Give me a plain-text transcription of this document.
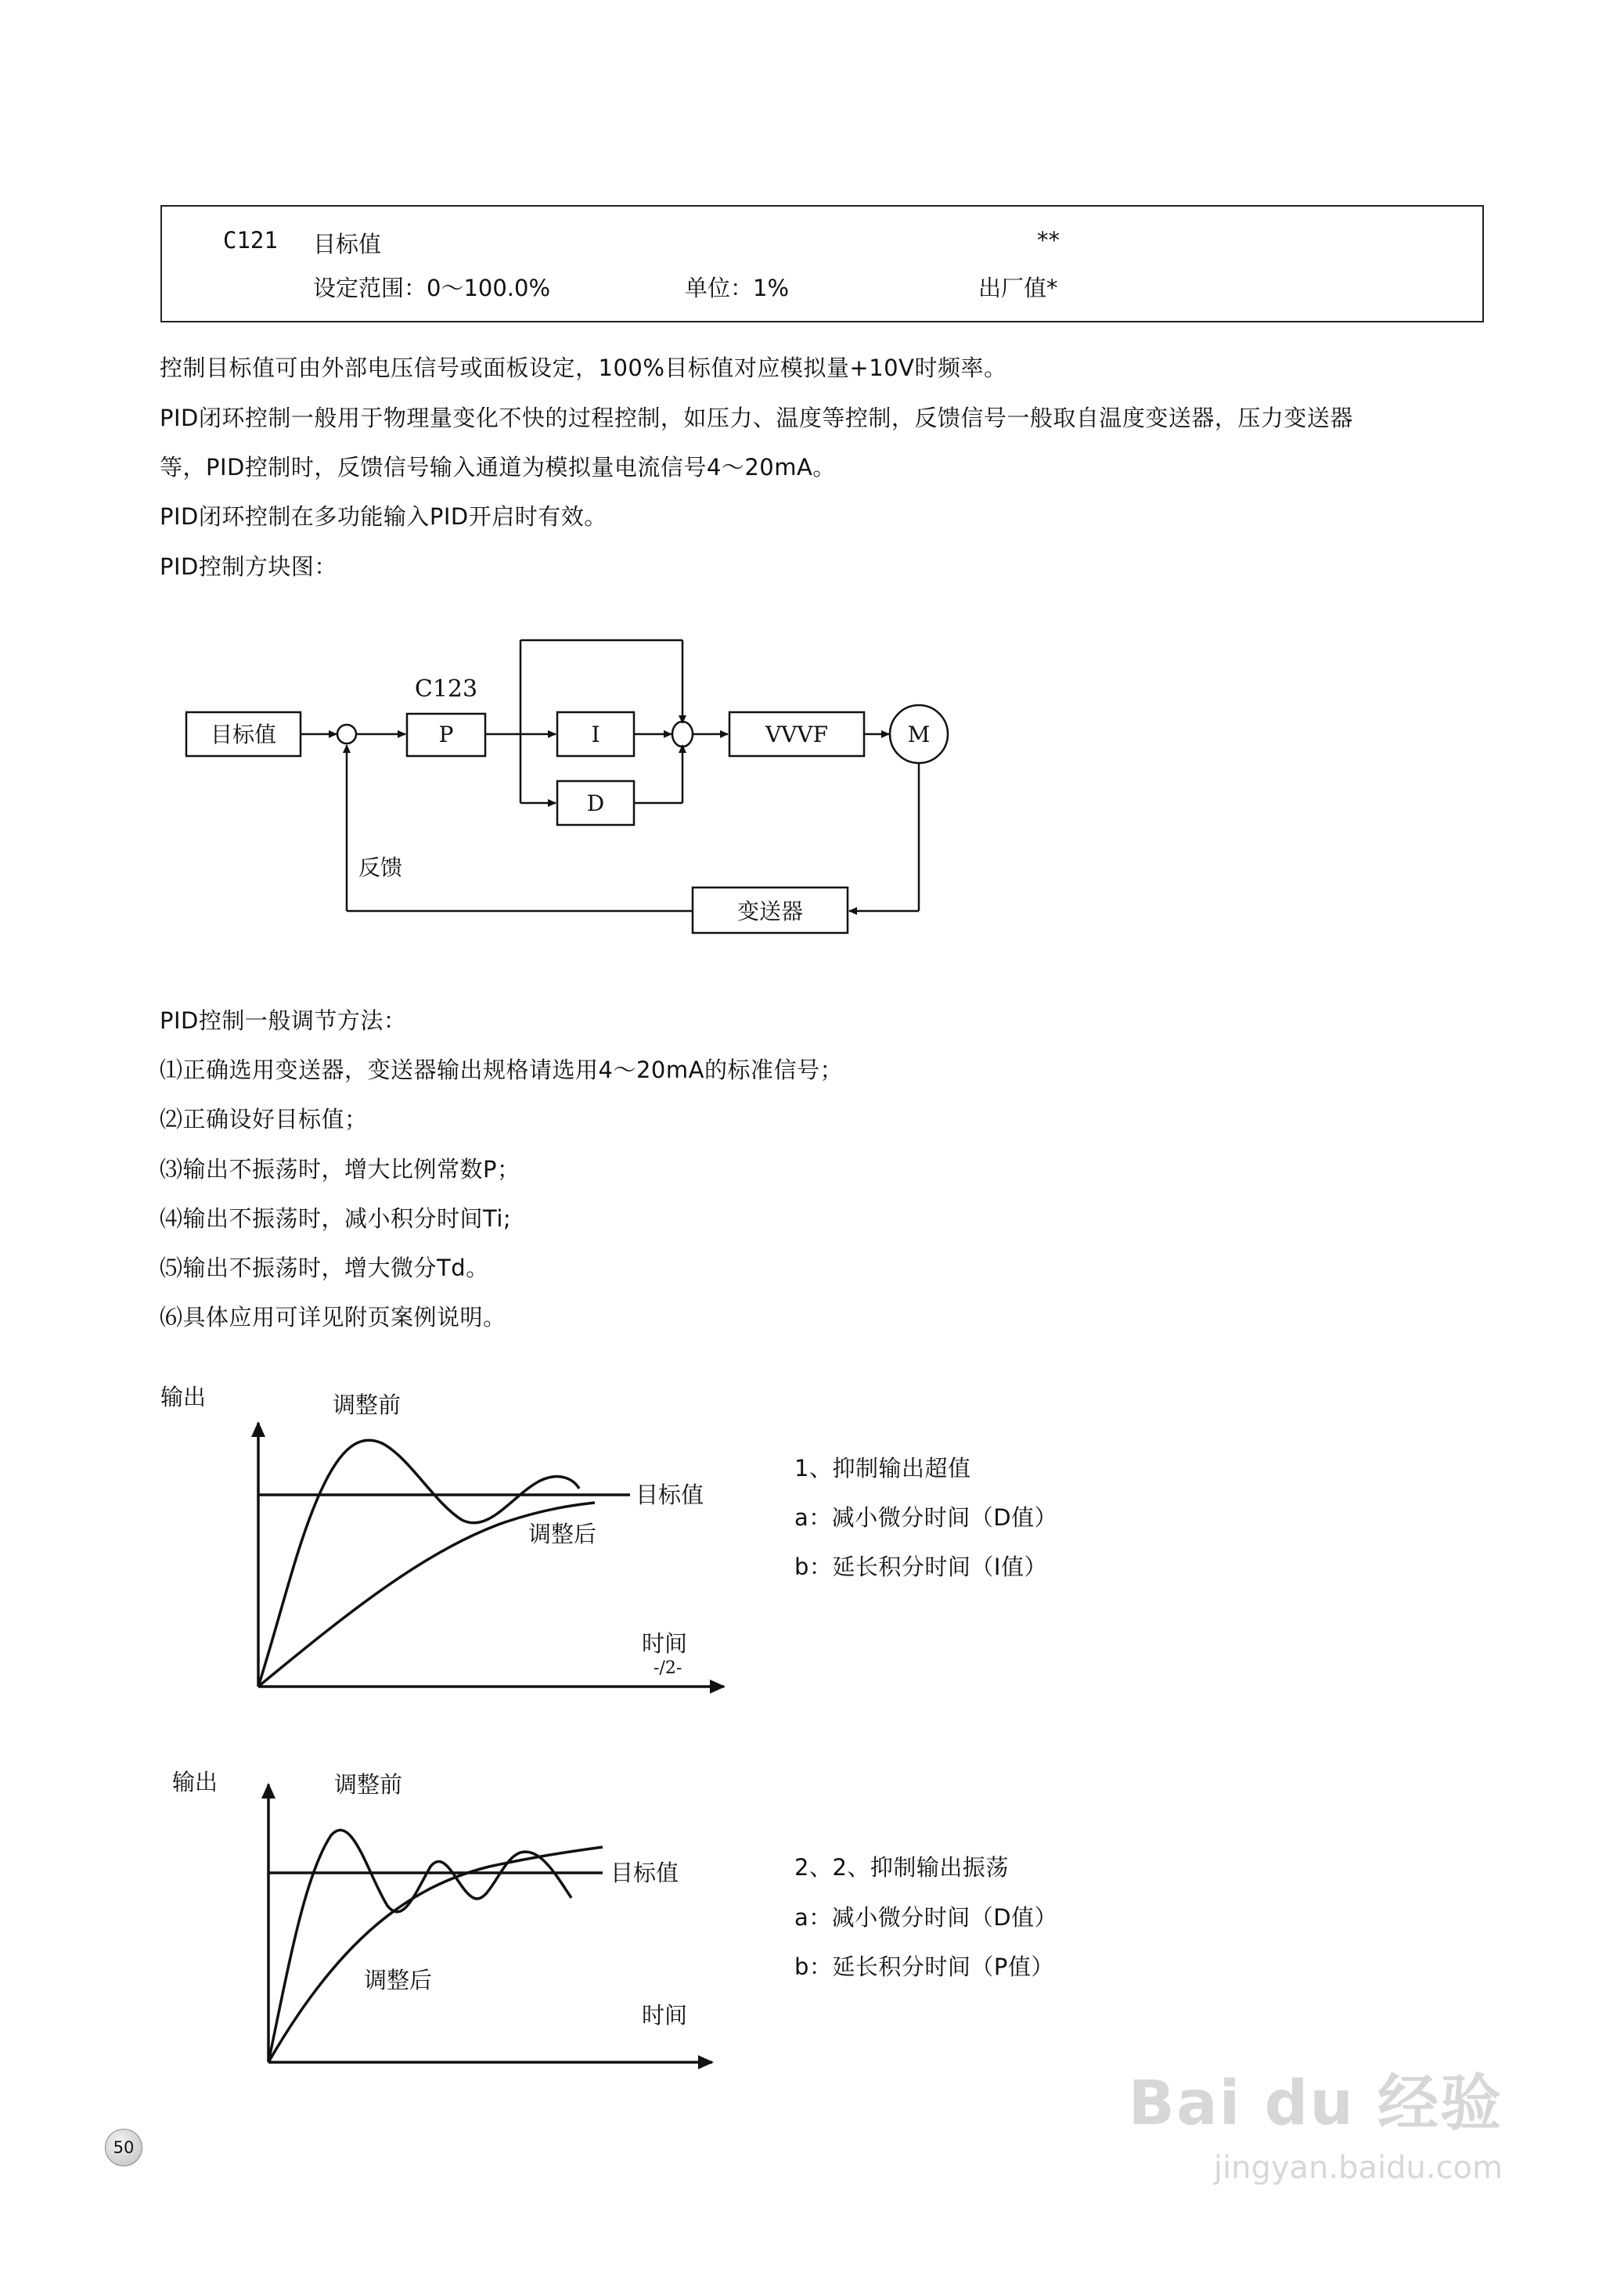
C121 目标值	**
设定范围：0～100.0%	单位：1%	出厂值*
控制目标值可由外部电压信号或面板设定，100%目标值对应模拟量+10V时频率。
PID闭环控制一般用于物理量变化不快的过程控制，如压力、温度等控制，反馈信号一般取自温度变送器，压力变送器
等，PID控制时，反馈信号输入通道为模拟量电流信号4～20mA。
PID闭环控制在多功能输入PID开启时有效。
PID控制方块图：
目标值
C123
P	I
D
VVVF	M
反馈
变送器
PID控制一般调节方法：
⑴正确选用变送器，变送器输出规格请选用4～20mA的标准信号；
⑵正确设好目标值；
⑶输出不振荡时，增大比例常数P；
⑷输出不振荡时，减小积分时间Ti;
⑸输出不振荡时，增大微分Td。
⑹具体应用可详见附页案例说明。
输出	调整前
目标值
调整后
时间
-/2-
1、抑制输出超值
a：减小微分时间（D值）
b：延长积分时间（I值）
输出	调整前
目标值
调整后
时间
2、2、抑制输出振荡
a：减小微分时间（D值）
b：延长积分时间（P值）
50
Bai du 经验
jingyan.baidu.com
